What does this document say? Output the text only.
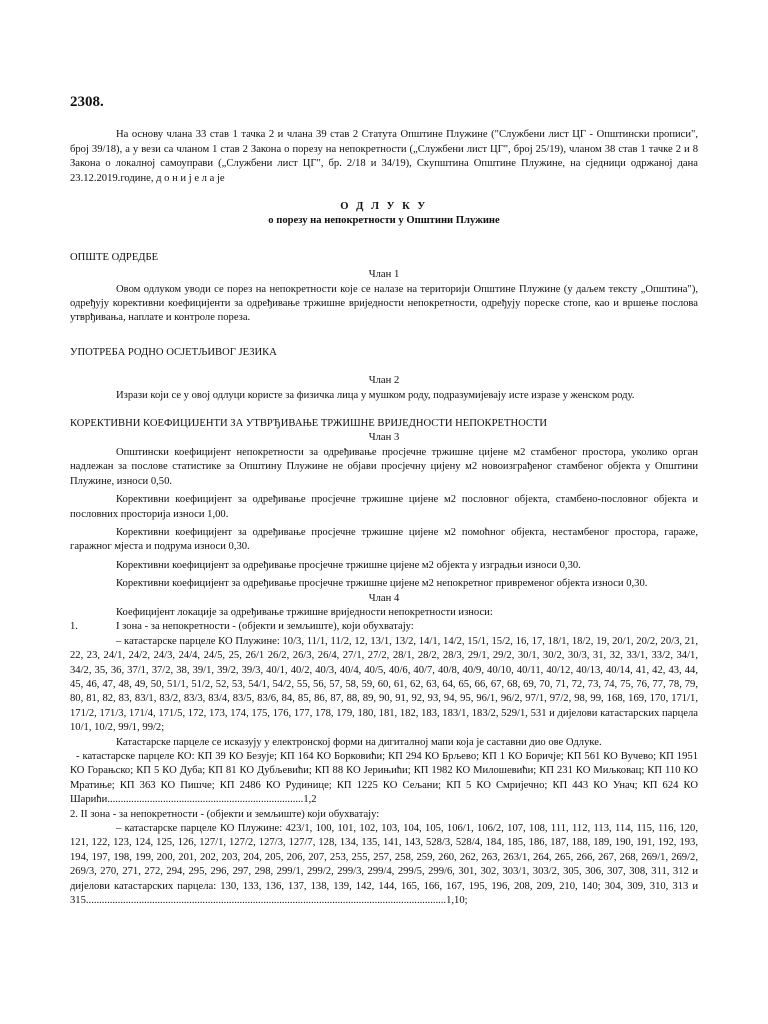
2308.

На основу члана 33 став 1 тачка 2 и члана 39 став 2 Статута Општине Плужине ("Службени лист ЦГ - Општински прописи", број 39/18), а у вези са чланом 1 став 2 Закона о порезу на непокретности („Службени лист ЦГ", број 25/19), чланом 38 став 1 тачке 2 и 8 Закона о локалној самоуправи („Службени лист ЦГ", бр. 2/18 и 34/19), Скупштина Општине Плужине, на сједници одржаној дана 23.12.2019.године, д о н и ј е л а је

О Д Л У К У

о порезу на непокретности у Општини Плужине

ОПШТЕ ОДРЕДБЕ

Члан 1

Овом одлуком уводи се порез на непокретности које се налазе на територији Општине Плужине (у даљем тексту „Општина"), одређују корективни коефицијенти за одређивање тржишне вриједности непокретности, одређују пореске стопе, као и вршење послова утврђивања, наплате и контроле пореза.

УПОТРЕБА РОДНО ОСЈЕТЉИВОГ ЈЕЗИКА

Члан 2

Изрази који се у овој одлуци користе за физичка лица у мушком роду, подразумијевају исте изразе у женском роду.

КОРЕКТИВНИ КОЕФИЦИЈЕНТИ ЗА УТВРЂИВАЊЕ ТРЖИШНЕ ВРИЈЕДНОСТИ НЕПОКРЕТНОСТИ

Члан 3

Општински коефицијент непокретности за одређивање просјечне тржишне цијене м2 стамбеног простора, уколико орган надлежан за послове статистике за Општину Плужине не објави просјечну цијену м2 новоизграђеног стамбеног објекта у Општини Плужине, износи 0,50.

Корективни коефицијент за одређивање просјечне тржишне цијене м2 пословног објекта, стамбено-пословног објекта и пословних просторија износи 1,00.

Корективни коефицијент за одређивање просјечне тржишне цијене м2 помоћног објекта, нестамбеног простора, гараже, гаражног мјеста и подрума износи 0,30.

Корективни коефицијент за одређивање просјечне тржишне цијене м2 објекта у изградњи износи 0,30.

Корективни коефицијент за одређивање просјечне тржишне цијене м2 непокретног привременог објекта износи 0,30.

Члан 4

Коефицијент локације за одређивање тржишне вриједности непокретности износи:

1.	I зона - за непокретности - (објекти и земљиште), који обухватају:

– катастарске парцеле КО Плужине: 10/3, 11/1, 11/2, 12, 13/1, 13/2, 14/1, 14/2, 15/1, 15/2, 16, 17, 18/1, 18/2, 19, 20/1, 20/2, 20/3, 21, 22, 23, 24/1, 24/2, 24/3, 24/4, 24/5, 25, 26/1 26/2, 26/3, 26/4, 27/1, 27/2, 28/1, 28/2, 28/3, 29/1, 29/2, 30/1, 30/2, 30/3, 31, 32, 33/1, 33/2, 34/1, 34/2, 35, 36, 37/1, 37/2, 38, 39/1, 39/2, 39/3, 40/1, 40/2, 40/3, 40/4, 40/5, 40/6, 40/7, 40/8, 40/9, 40/10, 40/11, 40/12, 40/13, 40/14, 41, 42, 43, 44, 45, 46, 47, 48, 49, 50, 51/1, 51/2, 52, 53, 54/1, 54/2, 55, 56, 57, 58, 59, 60, 61, 62, 63, 64, 65, 66, 67, 68, 69, 70, 71, 72, 73, 74, 75, 76, 77, 78, 79, 80, 81, 82, 83, 83/1, 83/2, 83/3, 83/4, 83/5, 83/6, 84, 85, 86, 87, 88, 89, 90, 91, 92, 93, 94, 95, 96/1, 96/2, 97/1, 97/2, 98, 99, 168, 169, 170, 171/1, 171/2, 171/3, 171/4, 171/5, 172, 173, 174, 175, 176, 177, 178, 179, 180, 181, 182, 183, 183/1, 183/2, 529/1, 531 и дијелови катастарских парцела 10/1, 10/2, 99/1, 99/2;

Катастарске парцеле се исказују у електронској форми на дигиталној мапи која је саставни дио ове Одлуке.

- катастарске парцеле КО: КП 39 КО Безује; КП 164 КО Борковићи; КП 294 КО Брљево; КП 1 КО Боричје; КП 561 КО Вучево; КП 1951 КО Горањско; КП 5 КО Дуба; КП 81 КО Дубљевићи; КП 88 КО Јерињићи; КП 1982 КО Милошевићи; КП 231 КО Миљковац; КП 110 КО Мратиње; КП 363 КО Пишче; КП 2486 КО Рудинице; КП 1225 КО Сељани; КП 5 КО Смријечно; КП 443 КО Унач; КП 624 КО Шарићи..........................................................................1,2

2. II зона - за непокретности - (објекти и земљиште) који обухватају:

– катастарске парцеле КО Плужине: 423/1, 100, 101, 102, 103, 104, 105, 106/1, 106/2, 107, 108, 111, 112, 113, 114, 115, 116, 120, 121, 122, 123, 124, 125, 126, 127/1, 127/2, 127/3, 127/7, 128, 134, 135, 141, 143, 528/3, 528/4, 184, 185, 186, 187, 188, 189, 190, 191, 192, 193, 194, 197, 198, 199, 200, 201, 202, 203, 204, 205, 206, 207, 253, 255, 257, 258, 259, 260, 262, 263, 263/1, 264, 265, 266, 267, 268, 269/1, 269/2, 269/3, 270, 271, 272, 294, 295, 296, 297, 298, 299/1, 299/2, 299/3, 299/4, 299/5, 299/6, 301, 302, 303/1, 303/2, 305, 306, 307, 308, 311, 312 и дијелови катастарских парцела: 130, 133, 136, 137, 138, 139, 142, 144, 165, 166, 167, 195, 196, 208, 209, 210, 140; 304, 309, 310, 313 и 315........................................................................................................................................1,10;
